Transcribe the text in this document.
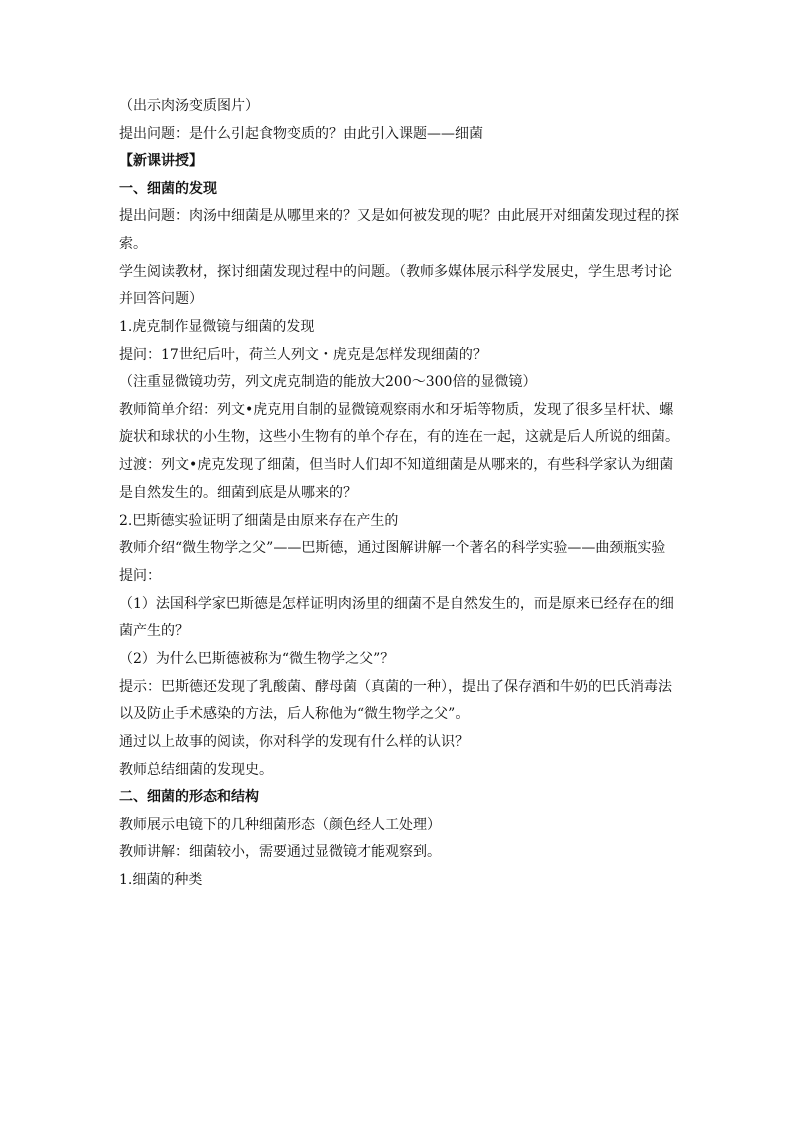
（出示肉汤变质图片）
提出问题：是什么引起食物变质的？由此引入课题——细菌
【新课讲授】
一、细菌的发现
提出问题：肉汤中细菌是从哪里来的？又是如何被发现的呢？由此展开对细菌发现过程的探索。
学生阅读教材，探讨细菌发现过程中的问题。（教师多媒体展示科学发展史，学生思考讨论并回答问题）
1.虎克制作显微镜与细菌的发现
提问：17世纪后叶，荷兰人列文・虎克是怎样发现细菌的？
（注重显微镜功劳，列文虎克制造的能放大200～300倍的显微镜）
教师简单介绍：列文•虎克用自制的显微镜观察雨水和牙垢等物质，发现了很多呈杆状、螺旋状和球状的小生物，这些小生物有的单个存在，有的连在一起，这就是后人所说的细菌。
过渡：列文•虎克发现了细菌，但当时人们却不知道细菌是从哪来的，有些科学家认为细菌是自然发生的。细菌到底是从哪来的？
2.巴斯德实验证明了细菌是由原来存在产生的
教师介绍“微生物学之父”——巴斯德，通过图解讲解一个著名的科学实验——曲颈瓶实验
提问：
（1）法国科学家巴斯德是怎样证明肉汤里的细菌不是自然发生的，而是原来已经存在的细菌产生的？
（2）为什么巴斯德被称为“微生物学之父”？
提示：巴斯德还发现了乳酸菌、酵母菌（真菌的一种），提出了保存酒和牛奶的巴氏消毒法以及防止手术感染的方法，后人称他为“微生物学之父”。
通过以上故事的阅读，你对科学的发现有什么样的认识？
教师总结细菌的发现史。
二、细菌的形态和结构
教师展示电镜下的几种细菌形态（颜色经人工处理）
教师讲解：细菌较小，需要通过显微镜才能观察到。
1.细菌的种类
